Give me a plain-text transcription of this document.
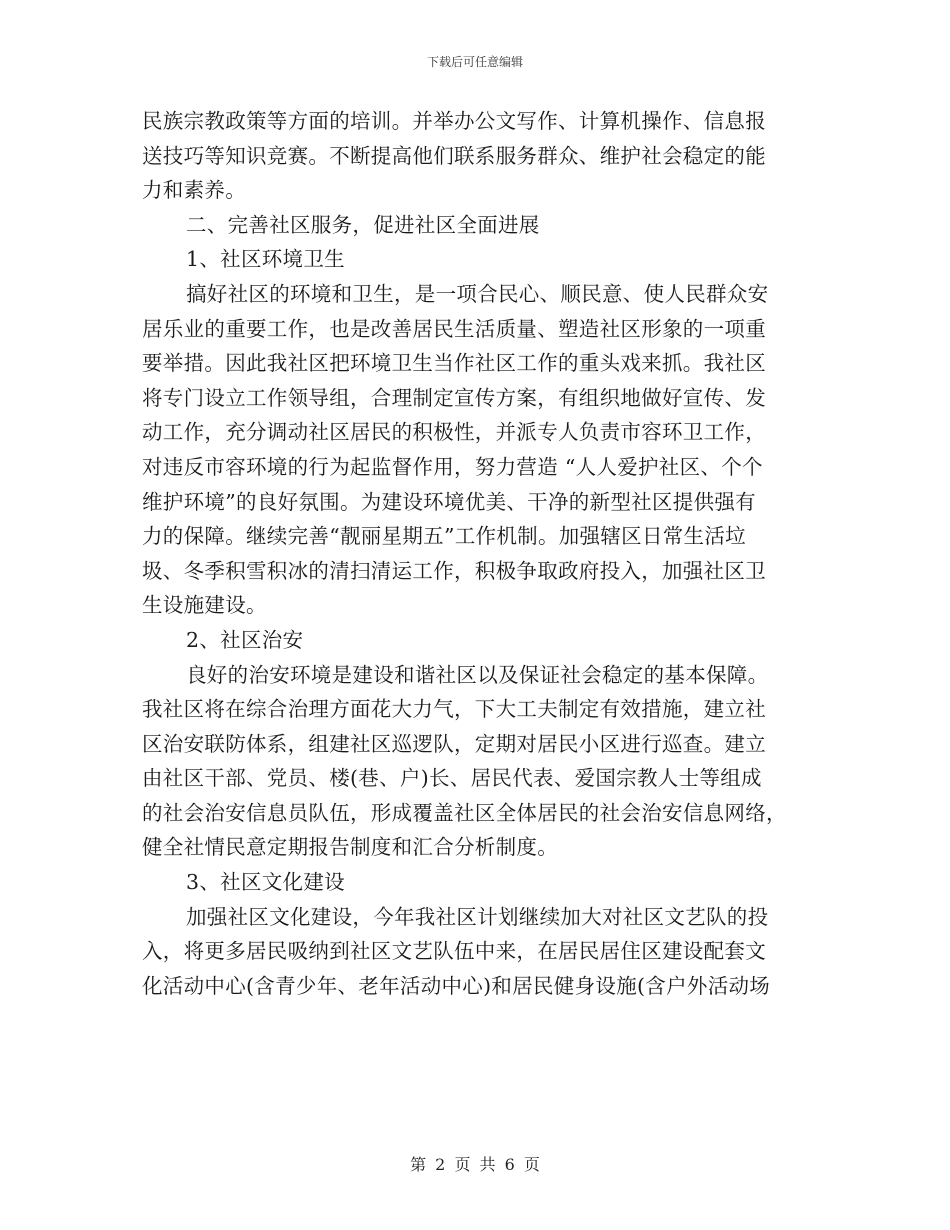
下载后可任意编辑
民族宗教政策等方面的培训。并举办公文写作、计算机操作、信息报
送技巧等知识竞赛。不断提高他们联系服务群众、维护社会稳定的能
力和素养。
二、完善社区服务，促进社区全面进展
1、社区环境卫生
搞好社区的环境和卫生，是一项合民心、顺民意、使人民群众安
居乐业的重要工作，也是改善居民生活质量、塑造社区形象的一项重
要举措。因此我社区把环境卫生当作社区工作的重头戏来抓。我社区
将专门设立工作领导组，合理制定宣传方案，有组织地做好宣传、发
动工作，充分调动社区居民的积极性，并派专人负责市容环卫工作，
对违反市容环境的行为起监督作用，努力营造 “人人爱护社区、个个
维护环境”的良好氛围。为建设环境优美、干净的新型社区提供强有
力的保障。继续完善“靓丽星期五”工作机制。加强辖区日常生活垃
圾、冬季积雪积冰的清扫清运工作，积极争取政府投入，加强社区卫
生设施建设。
2、社区治安
良好的治安环境是建设和谐社区以及保证社会稳定的基本保障。
我社区将在综合治理方面花大力气，下大工夫制定有效措施，建立社
区治安联防体系，组建社区巡逻队，定期对居民小区进行巡查。建立
由社区干部、党员、楼(巷、户)长、居民代表、爱国宗教人士等组成
的社会治安信息员队伍，形成覆盖社区全体居民的社会治安信息网络，
健全社情民意定期报告制度和汇合分析制度。
3、社区文化建设
加强社区文化建设，今年我社区计划继续加大对社区文艺队的投
入，将更多居民吸纳到社区文艺队伍中来，在居民居住区建设配套文
化活动中心(含青少年、老年活动中心)和居民健身设施(含户外活动场
第 2 页 共 6 页
